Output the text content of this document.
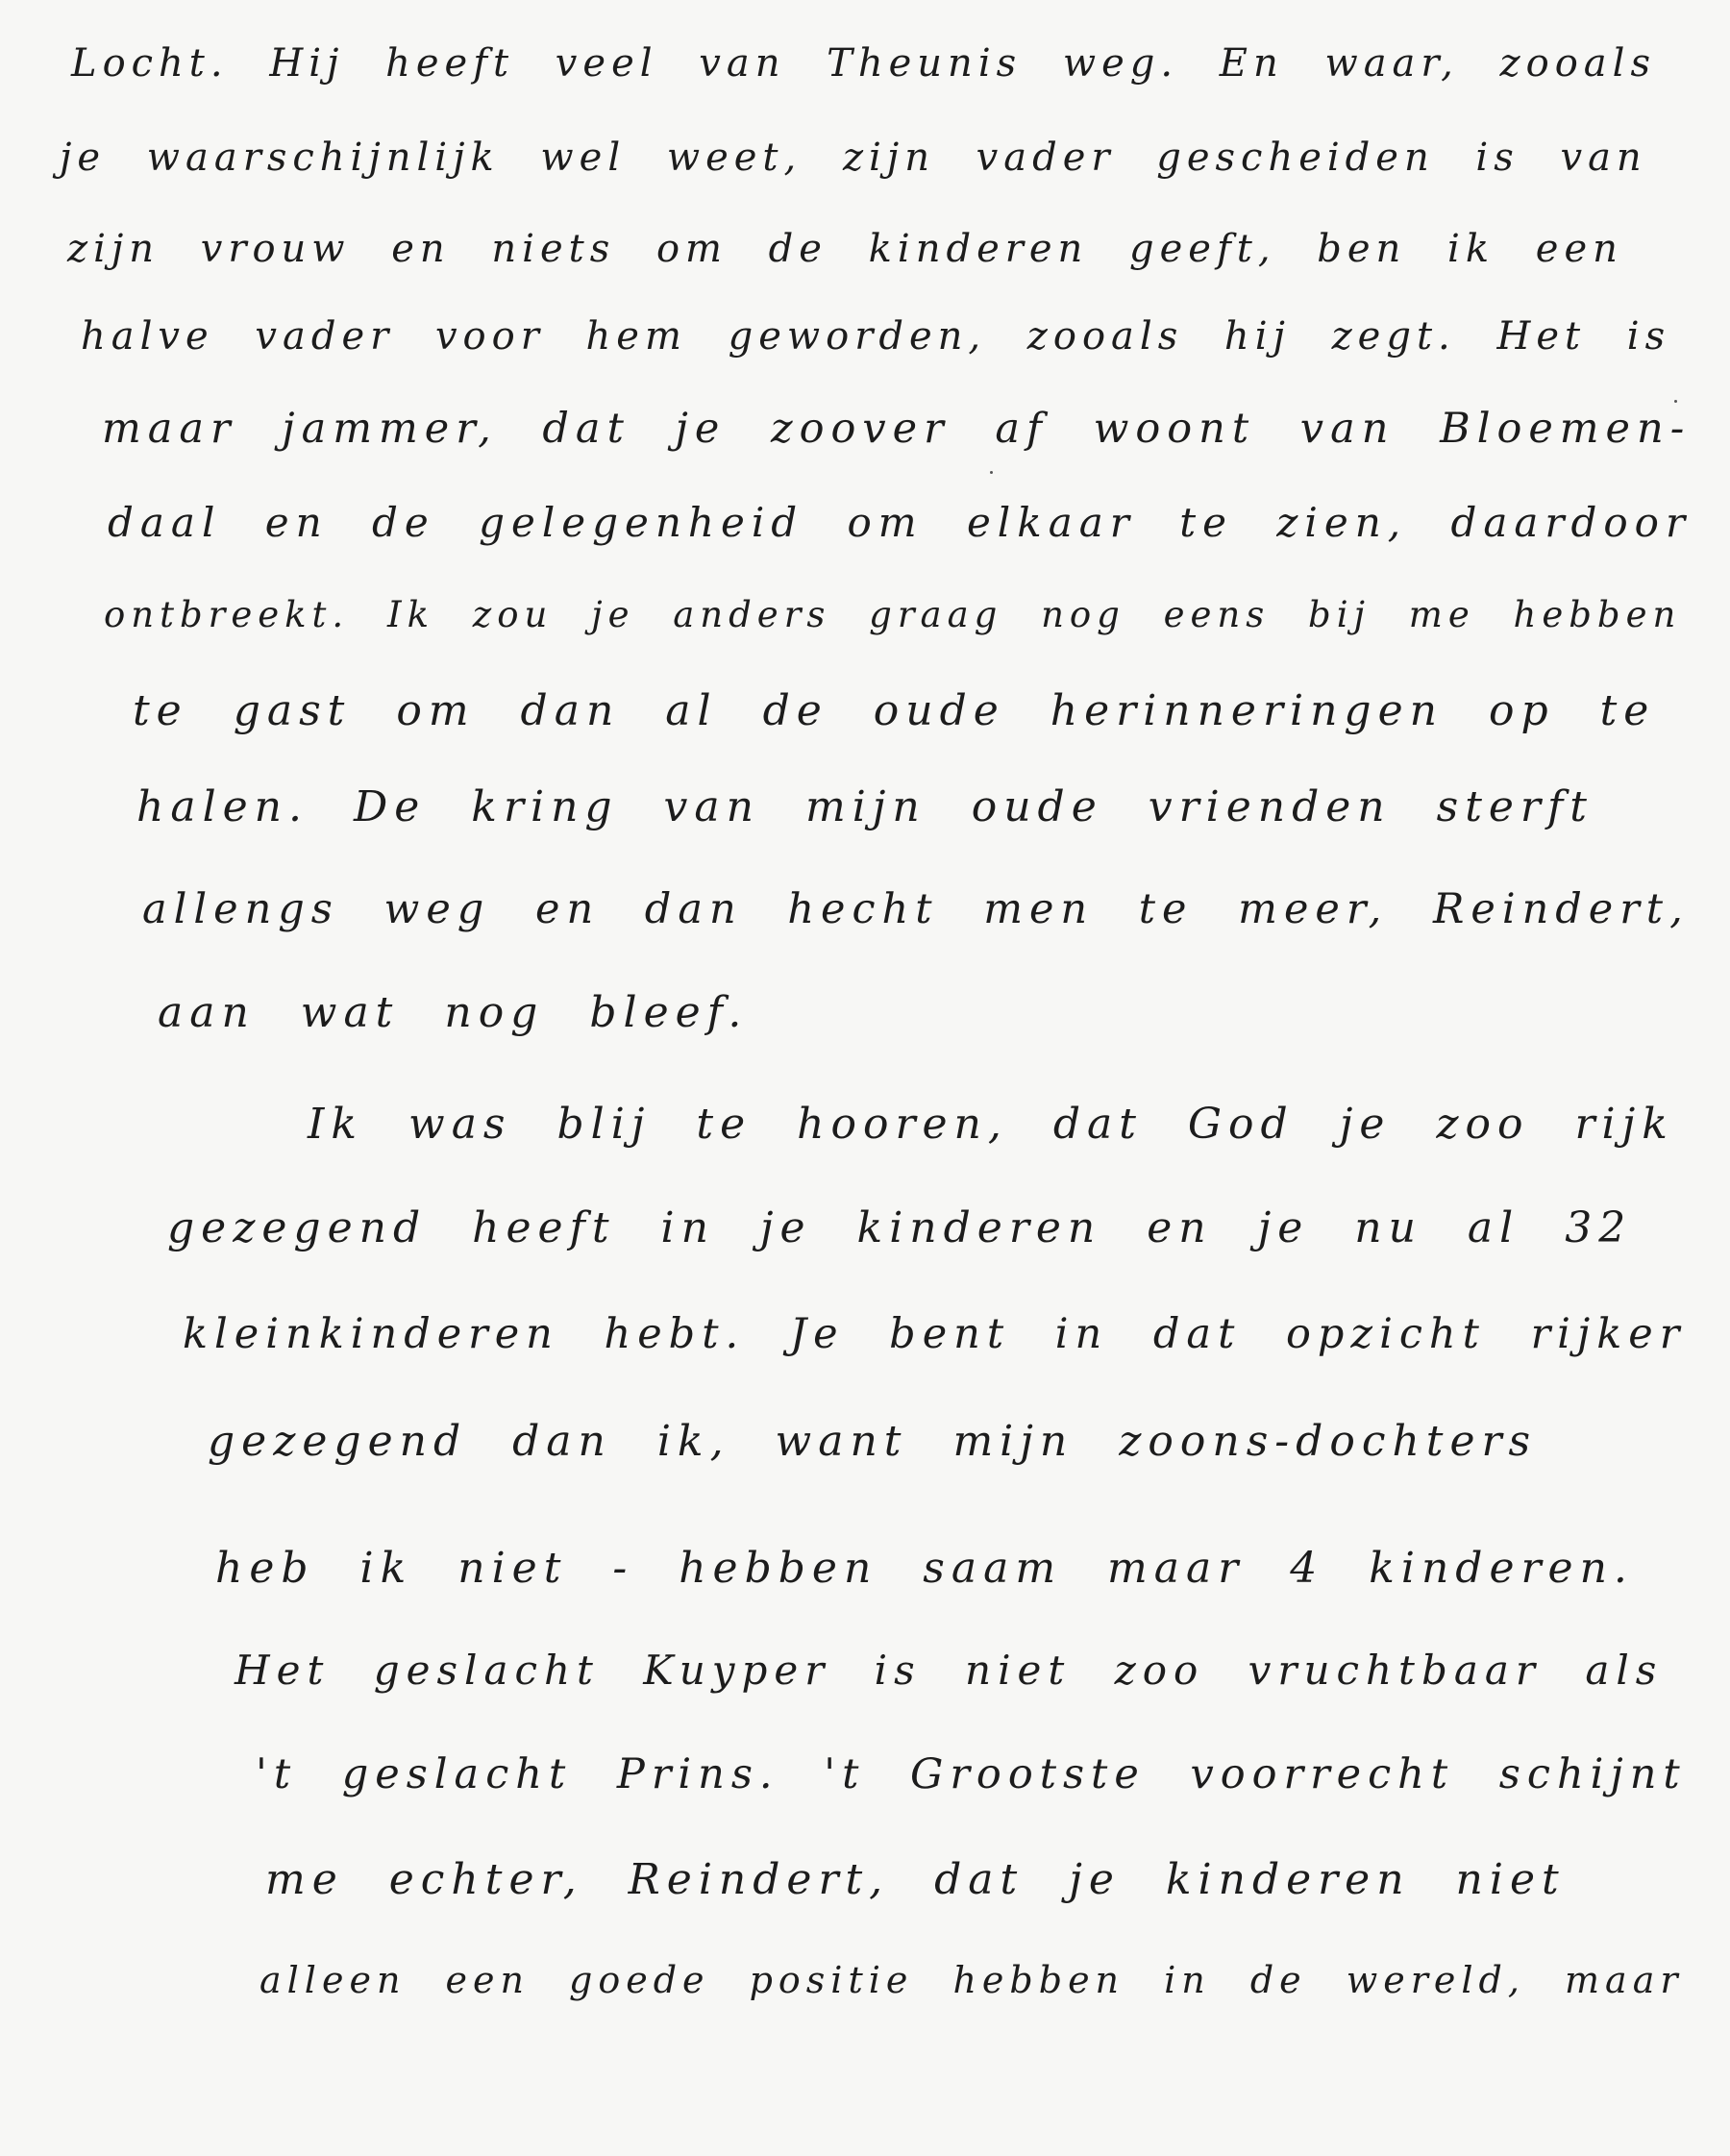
Locht. Hij heeft veel van Theunis weg. En waar, zooals
je waarschijnlijk wel weet, zijn vader gescheiden is van
zijn vrouw en niets om de kinderen geeft, ben ik een
halve vader voor hem geworden, zooals hij zegt. Het is
maar jammer, dat je zoover af woont van Bloemen-
daal en de gelegenheid om elkaar te zien, daardoor
ontbreekt. Ik zou je anders graag nog eens bij me hebben
te gast om dan al de oude herinneringen op te
halen. De kring van mijn oude vrienden sterft
allengs weg en dan hecht men te meer, Reindert,
aan wat nog bleef.
Ik was blij te hooren, dat God je zoo rijk
gezegend heeft in je kinderen en je nu al 32
kleinkinderen hebt. Je bent in dat opzicht rijker
gezegend dan ik, want mijn zoons-dochters
heb ik niet - hebben saam maar 4 kinderen.
Het geslacht Kuyper is niet zoo vruchtbaar als
't geslacht Prins. 't Grootste voorrecht schijnt
me echter, Reindert, dat je kinderen niet
alleen een goede positie hebben in de wereld, maar
